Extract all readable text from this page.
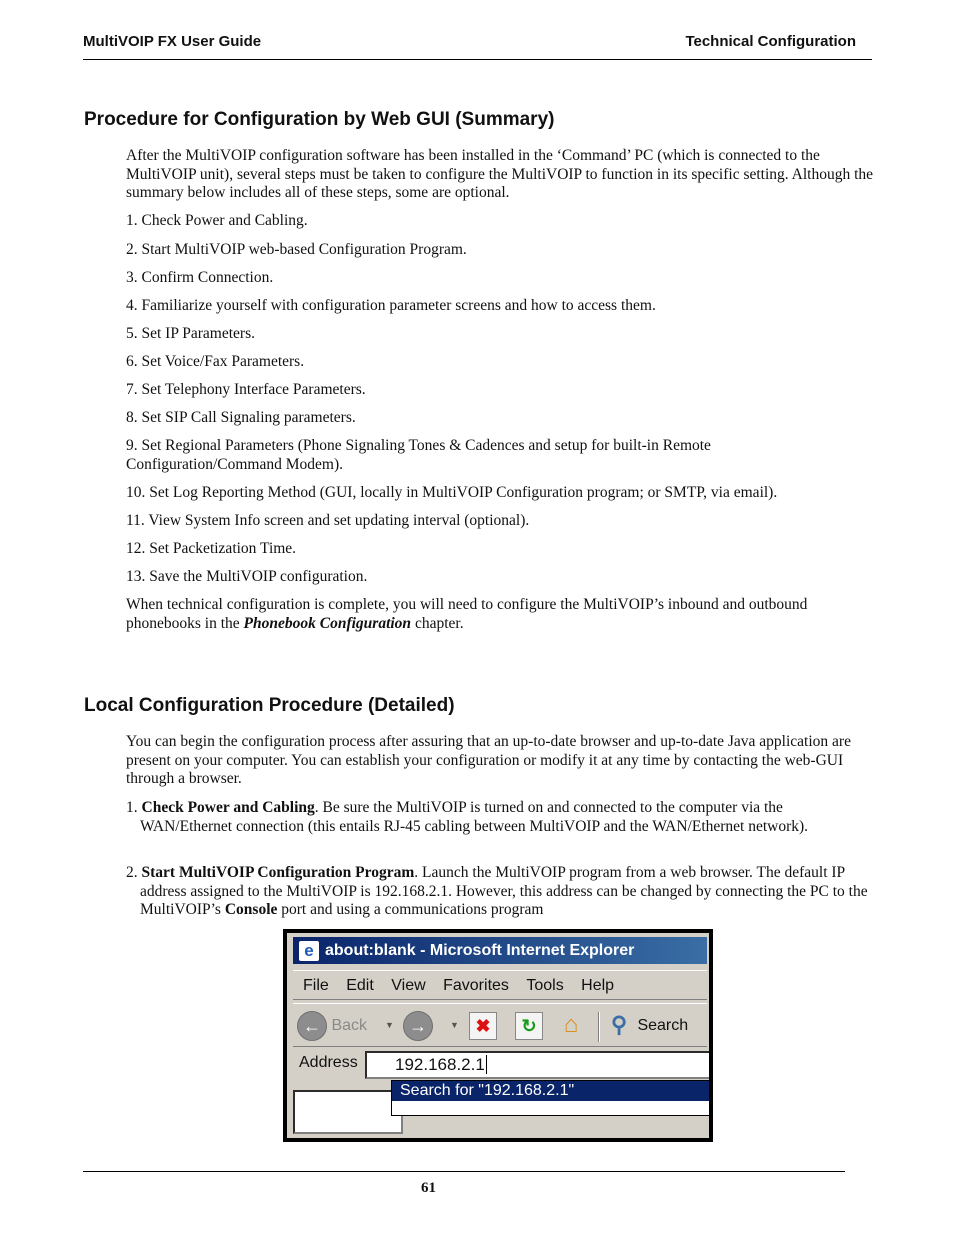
MultiVOIP FX User Guide	Technical Configuration
Procedure for Configuration by Web GUI (Summary)
After the MultiVOIP configuration software has been installed in the ‘Command’ PC (which is connected to the MultiVOIP unit), several steps must be taken to configure the MultiVOIP to function in its specific setting. Although the summary below includes all of these steps, some are optional.
1. Check Power and Cabling.
2. Start MultiVOIP web-based Configuration Program.
3. Confirm Connection.
4. Familiarize yourself with configuration parameter screens and how to access them.
5. Set IP Parameters.
6. Set Voice/Fax Parameters.
7. Set Telephony Interface Parameters.
8. Set SIP Call Signaling parameters.
9. Set Regional Parameters (Phone Signaling Tones & Cadences and setup for built-in Remote Configuration/Command Modem).
10. Set Log Reporting Method (GUI, locally in MultiVOIP Configuration program; or SMTP, via email).
11. View System Info screen and set updating interval (optional).
12. Set Packetization Time.
13. Save the MultiVOIP configuration.
When technical configuration is complete, you will need to configure the MultiVOIP’s inbound and outbound phonebooks in the Phonebook Configuration chapter.
Local Configuration Procedure (Detailed)
You can begin the configuration process after assuring that an up-to-date browser and up-to-date Java application are present on your computer. You can establish your configuration or modify it at any time by contacting the web-GUI through a browser.
1. Check Power and Cabling. Be sure the MultiVOIP is turned on and connected to the computer via the WAN/Ethernet connection (this entails RJ-45 cabling between MultiVOIP and the WAN/Ethernet network).
2. Start MultiVOIP Configuration Program. Launch the MultiVOIP program from a web browser. The default IP address assigned to the MultiVOIP is 192.168.2.1. However, this address can be changed by connecting the PC to the MultiVOIP’s Console port and using a communications program
e about:blank - Microsoft Internet Explorer
File Edit View Favorites Tools Help
← Back ▼ →	▼ ✖	↻ ⌂	⚲ Search
Address	192.168.2.1
Search for "192.168.2.1"
61
